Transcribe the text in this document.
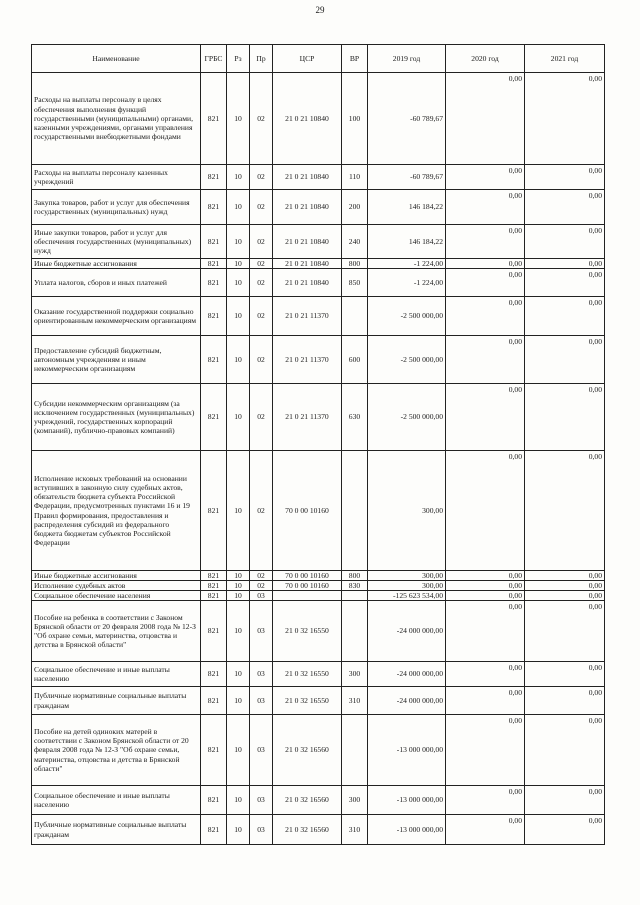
29
Наименование	ГРБС	Рз	Пр	ЦСР	ВР	2019 год	2020 год	2021 год
Расходы на выплаты персоналу в целях обеспечения выполнения функций государственными (муниципальными) органами, казенными учреждениями, органами управления государственными внебюджетными фондами	821	10	02	21 0 21 10840	100	-60 789,67	0,00	0,00
Расходы на выплаты персоналу казенных учреждений	821	10	02	21 0 21 10840	110	-60 789,67	0,00	0,00
Закупка товаров, работ и услуг для обеспечения государственных (муниципальных) нужд	821	10	02	21 0 21 10840	200	146 184,22	0,00	0,00
Иные закупки товаров, работ и услуг для обеспечения государственных (муниципальных) нужд	821	10	02	21 0 21 10840	240	146 184,22	0,00	0,00
Иные бюджетные ассигнования	821	10	02	21 0 21 10840	800	-1 224,00	0,00	0,00
Уплата налогов, сборов и иных платежей	821	10	02	21 0 21 10840	850	-1 224,00	0,00	0,00
Оказание государственной поддержки социально ориентированным некоммерческим организациям	821	10	02	21 0 21 11370		-2 500 000,00	0,00	0,00
Предоставление субсидий бюджетным, автономным учреждениям и иным некоммерческим организациям	821	10	02	21 0 21 11370	600	-2 500 000,00	0,00	0,00
Субсидии некоммерческим организациям (за исключением государственных (муниципальных) учреждений, государственных корпораций (компаний), публично-правовых компаний)	821	10	02	21 0 21 11370	630	-2 500 000,00	0,00	0,00
Исполнение исковых требований на основании вступивших в законную силу судебных актов, обязательств бюджета субъекта Российской Федерации, предусмотренных пунктами 16 и 19 Правил формирования, предоставления и распределения субсидий из федерального бюджета бюджетам субъектов Российской Федерации	821	10	02	70 0 00 10160		300,00	0,00	0,00
Иные бюджетные ассигнования	821	10	02	70 0 00 10160	800	300,00	0,00	0,00
Исполнение судебных актов	821	10	02	70 0 00 10160	830	300,00	0,00	0,00
Социальное обеспечение населения	821	10	03			-125 623 534,00	0,00	0,00
Пособие на ребенка в соответствии с Законом Брянской области от 20 февраля 2008 года № 12-З "Об охране семьи, материнства, отцовства и детства в Брянской области"	821	10	03	21 0 32 16550		-24 000 000,00	0,00	0,00
Социальное обеспечение и иные выплаты населению	821	10	03	21 0 32 16550	300	-24 000 000,00	0,00	0,00
Публичные нормативные социальные выплаты гражданам	821	10	03	21 0 32 16550	310	-24 000 000,00	0,00	0,00
Пособие на детей одиноких матерей в соответствии с Законом Брянской области от 20 февраля 2008 года № 12-З "Об охране семьи, материнства, отцовства и детства в Брянской области"	821	10	03	21 0 32 16560		-13 000 000,00	0,00	0,00
Социальное обеспечение и иные выплаты населению	821	10	03	21 0 32 16560	300	-13 000 000,00	0,00	0,00
Публичные нормативные социальные выплаты гражданам	821	10	03	21 0 32 16560	310	-13 000 000,00	0,00	0,00
